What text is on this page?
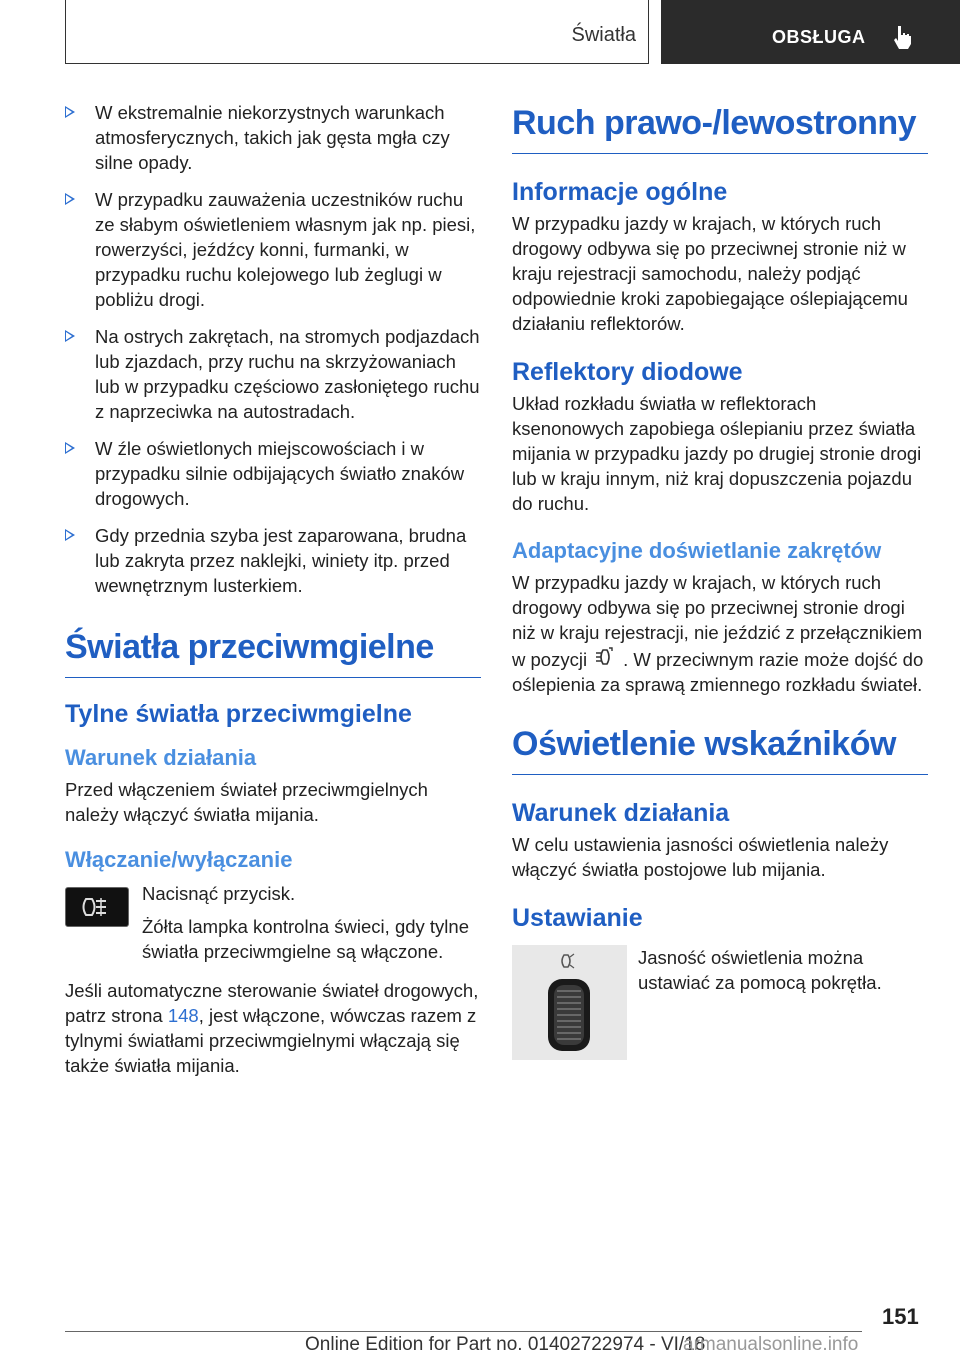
Światła	OBSŁUGA
W ekstremalnie niekorzystnych warunkach atmosferycznych, takich jak gęsta mgła czy silne opady.
W przypadku zauważenia uczestników ruchu ze słabym oświetleniem własnym jak np. piesi, rowerzyści, jeźdźcy konni, furmanki, w przypadku ruchu kolejowego lub żeglugi w pobliżu drogi.
Na ostrych zakrętach, na stromych podjazdach lub zjazdach, przy ruchu na skrzyżowaniach lub w przypadku częściowo zasłoniętego ruchu z naprzeciwka na autostradach.
W źle oświetlonych miejscowościach i w przypadku silnie odbijających światło znaków drogowych.
Gdy przednia szyba jest zaparowana, brudna lub zakryta przez naklejki, winiety itp. przed wewnętrznym lusterkiem.
Światła przeciwmgielne
Tylne światła przeciwmgielne
Warunek działania

Przed włączeniem świateł przeciwmgielnych należy włączyć światła mijania.

Włączanie/wyłączanie

Nacisnąć przycisk.

Żółta lampka kontrolna świeci, gdy tylne światła przeciwmgielne są włączone.

Jeśli automatyczne sterowanie świateł drogowych, patrz strona 148, jest włączone, wówczas razem z tylnymi światłami przeciwmgielnymi włączają się także światła mijania.

Ruch prawo-/lewostronny
Informacje ogólne

W przypadku jazdy w krajach, w których ruch drogowy odbywa się po przeciwnej stronie niż w kraju rejestracji samochodu, należy podjąć odpowiednie kroki zapobiegające oślepiającemu działaniu reflektorów.

Reflektory diodowe

Układ rozkładu światła w reflektorach ksenonowych zapobiega oślepianiu przez światła mijania w przypadku jazdy po drugiej stronie drogi lub w kraju innym, niż kraj dopuszczenia pojazdu do ruchu.

Adaptacyjne doświetlanie zakrętów

W przypadku jazdy w krajach, w których ruch drogowy odbywa się po przeciwnej stronie drogi niż w kraju rejestracji, nie jeździć z przełącznikiem w pozycji . W przeciwnym razie może dojść do oślepienia za sprawą zmiennego rozkładu świateł.

Oświetlenie wskaźników
Warunek działania

W celu ustawienia jasności oświetlenia należy włączyć światła postojowe lub mijania.

Ustawianie

Jasność oświetlenia można ustawiać za pomocą pokrętła.

151
Online Edition for Part no. 01402722974 - VI/18
armanualsonline.info
